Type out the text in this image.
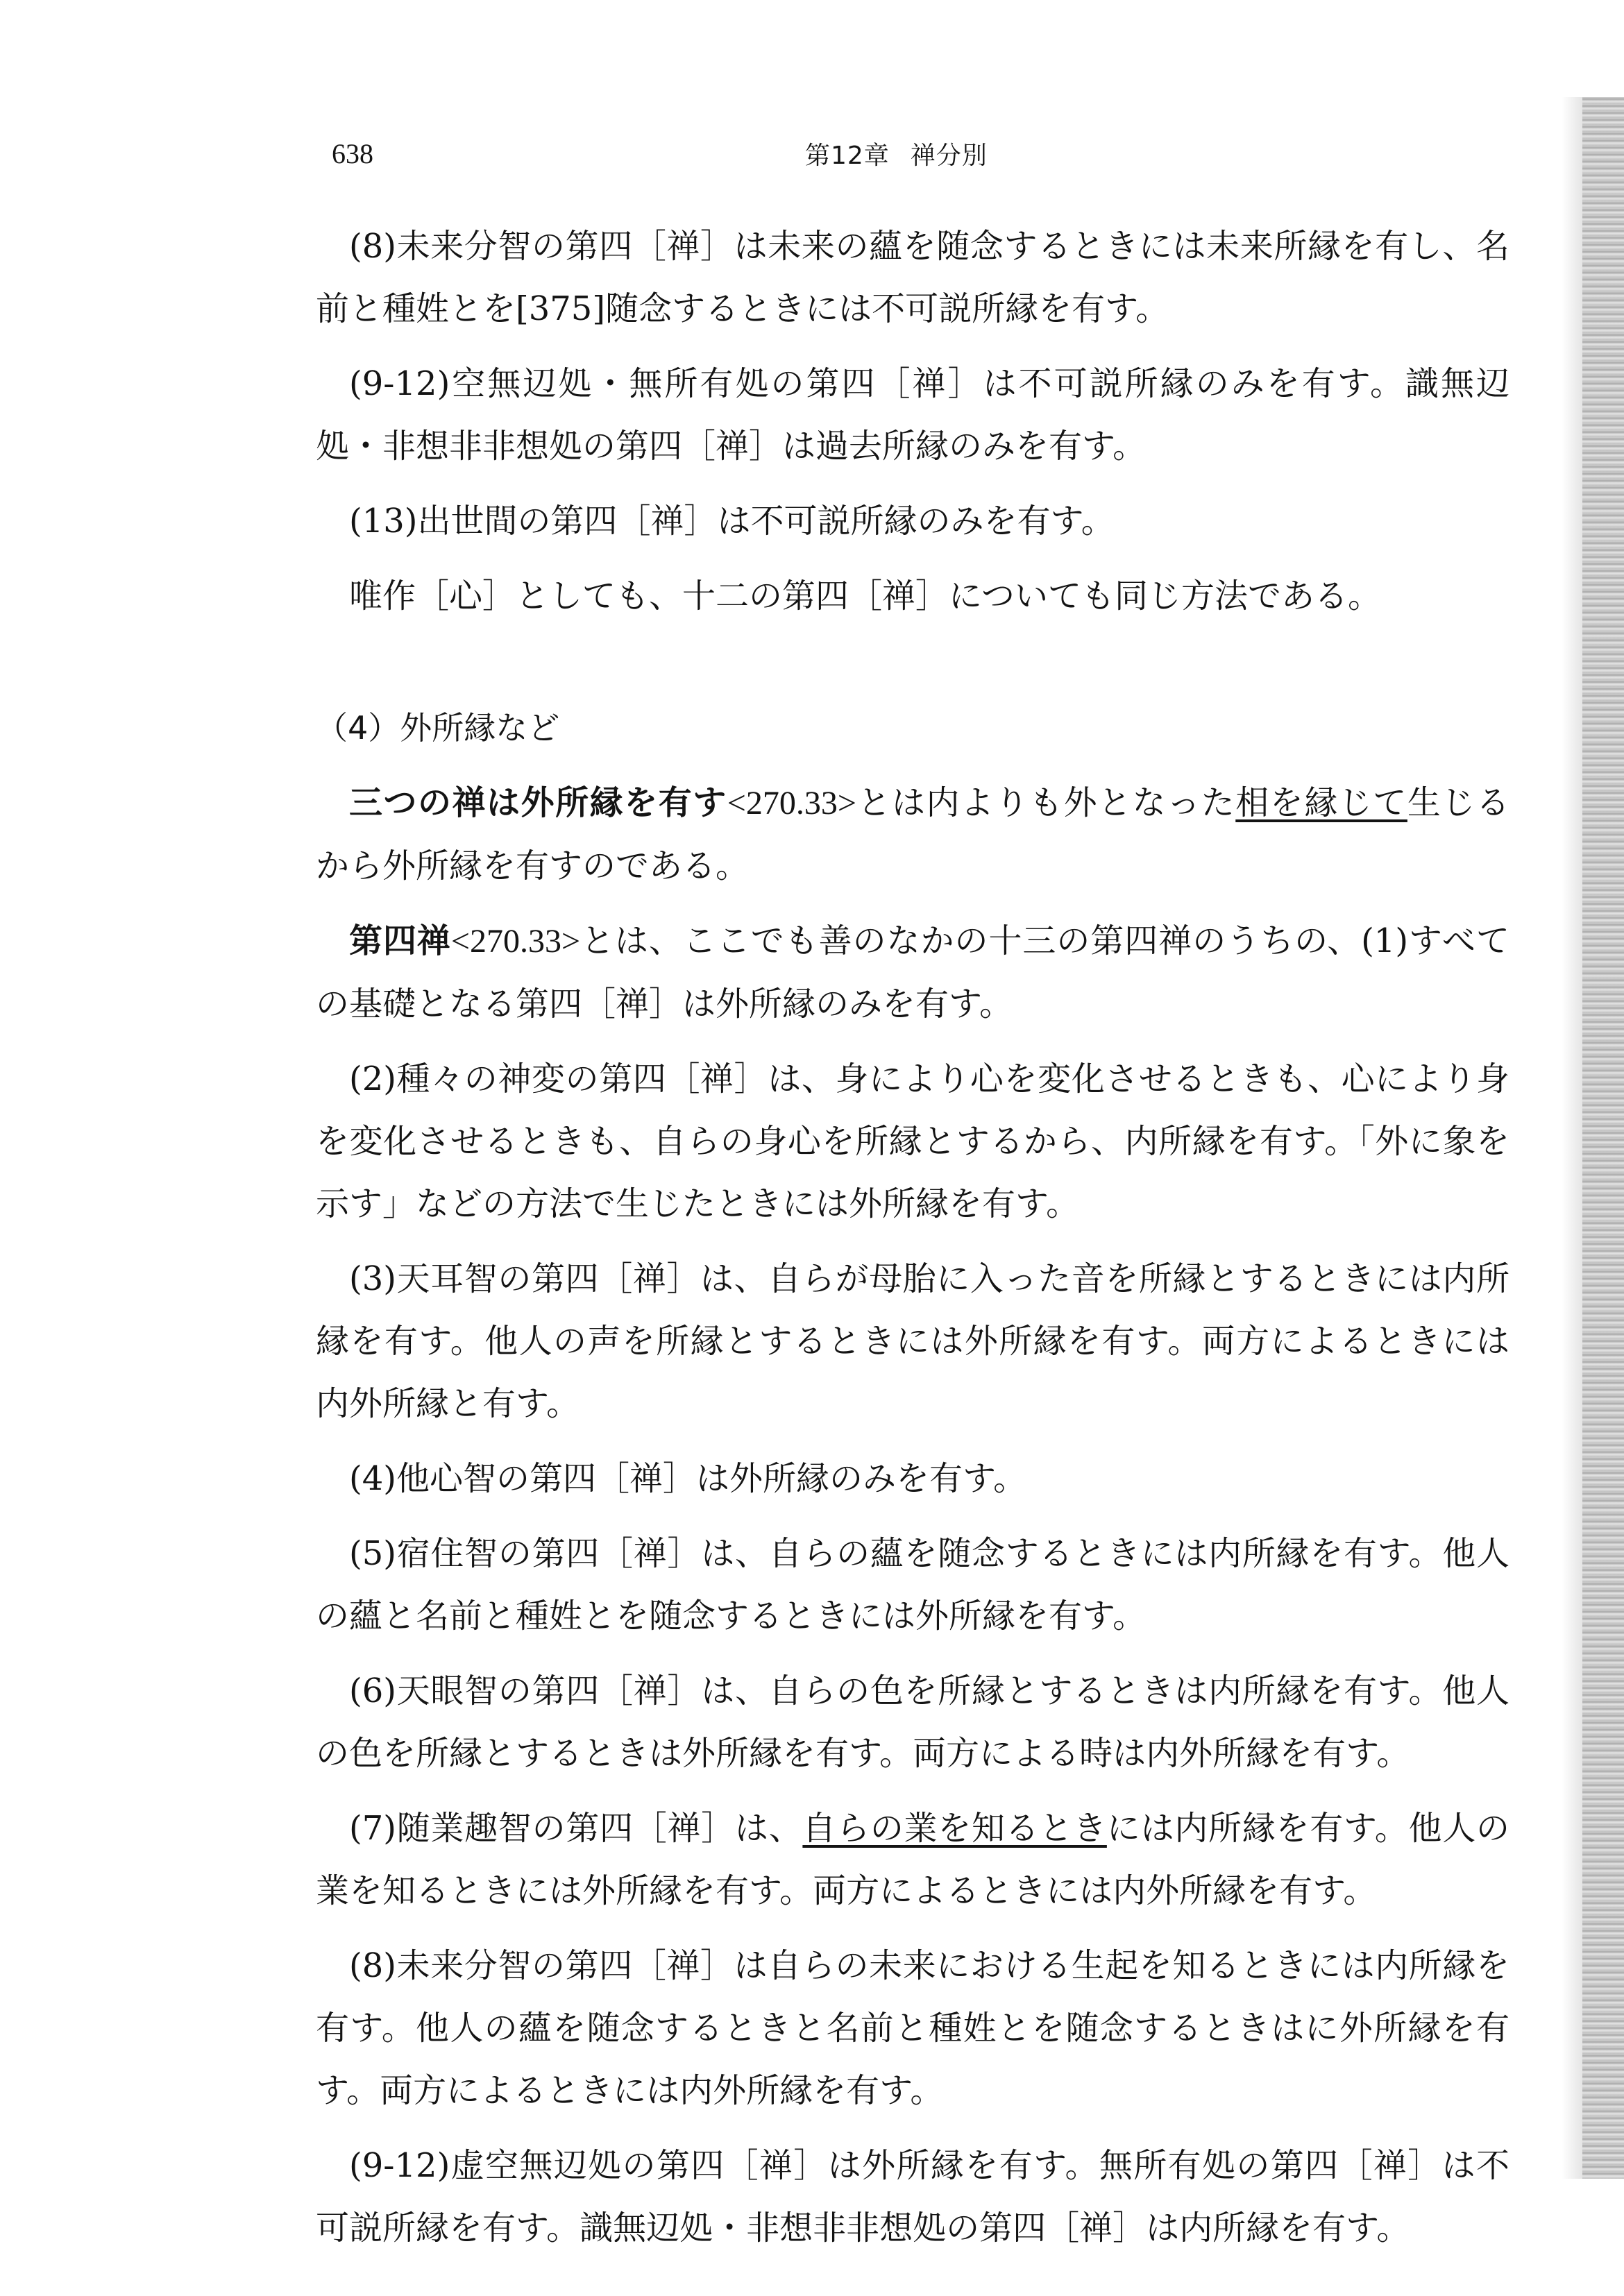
638	第12章 禅分別

(8)未来分智の第四［禅］は未来の蘊を随念するときには未来所縁を有し、名前と種姓とを[375]随念するときには不可説所縁を有す。

(9-12)空無辺処・無所有処の第四［禅］は不可説所縁のみを有す。識無辺処・非想非非想処の第四［禅］は過去所縁のみを有す。

(13)出世間の第四［禅］は不可説所縁のみを有す。

唯作［心］としても、十二の第四［禅］についても同じ方法である。

（4）外所縁など

三つの禅は外所縁を有す<270.33>とは内よりも外となった相を縁じて生じるから外所縁を有すのである。

第四禅<270.33>とは、ここでも善のなかの十三の第四禅のうちの、(1)すべての基礎となる第四［禅］は外所縁のみを有す。

(2)種々の神変の第四［禅］は、身により心を変化させるときも、心により身を変化させるときも、自らの身心を所縁とするから、内所縁を有す。「外に象を示す」などの方法で生じたときには外所縁を有す。

(3)天耳智の第四［禅］は、自らが母胎に入った音を所縁とするときには内所縁を有す。他人の声を所縁とするときには外所縁を有す。両方によるときには内外所縁と有す。

(4)他心智の第四［禅］は外所縁のみを有す。

(5)宿住智の第四［禅］は、自らの蘊を随念するときには内所縁を有す。他人の蘊と名前と種姓とを随念するときには外所縁を有す。

(6)天眼智の第四［禅］は、自らの色を所縁とするときは内所縁を有す。他人の色を所縁とするときは外所縁を有す。両方による時は内外所縁を有す。

(7)随業趣智の第四［禅］は、自らの業を知るときには内所縁を有す。他人の業を知るときには外所縁を有す。両方によるときには内外所縁を有す。

(8)未来分智の第四［禅］は自らの未来における生起を知るときには内所縁を有す。他人の蘊を随念するときと名前と種姓とを随念するときはに外所縁を有す。両方によるときには内外所縁を有す。

(9-12)虚空無辺処の第四［禅］は外所縁を有す。無所有処の第四［禅］は不可説所縁を有す。識無辺処・非想非非想処の第四［禅］は内所縁を有す。
